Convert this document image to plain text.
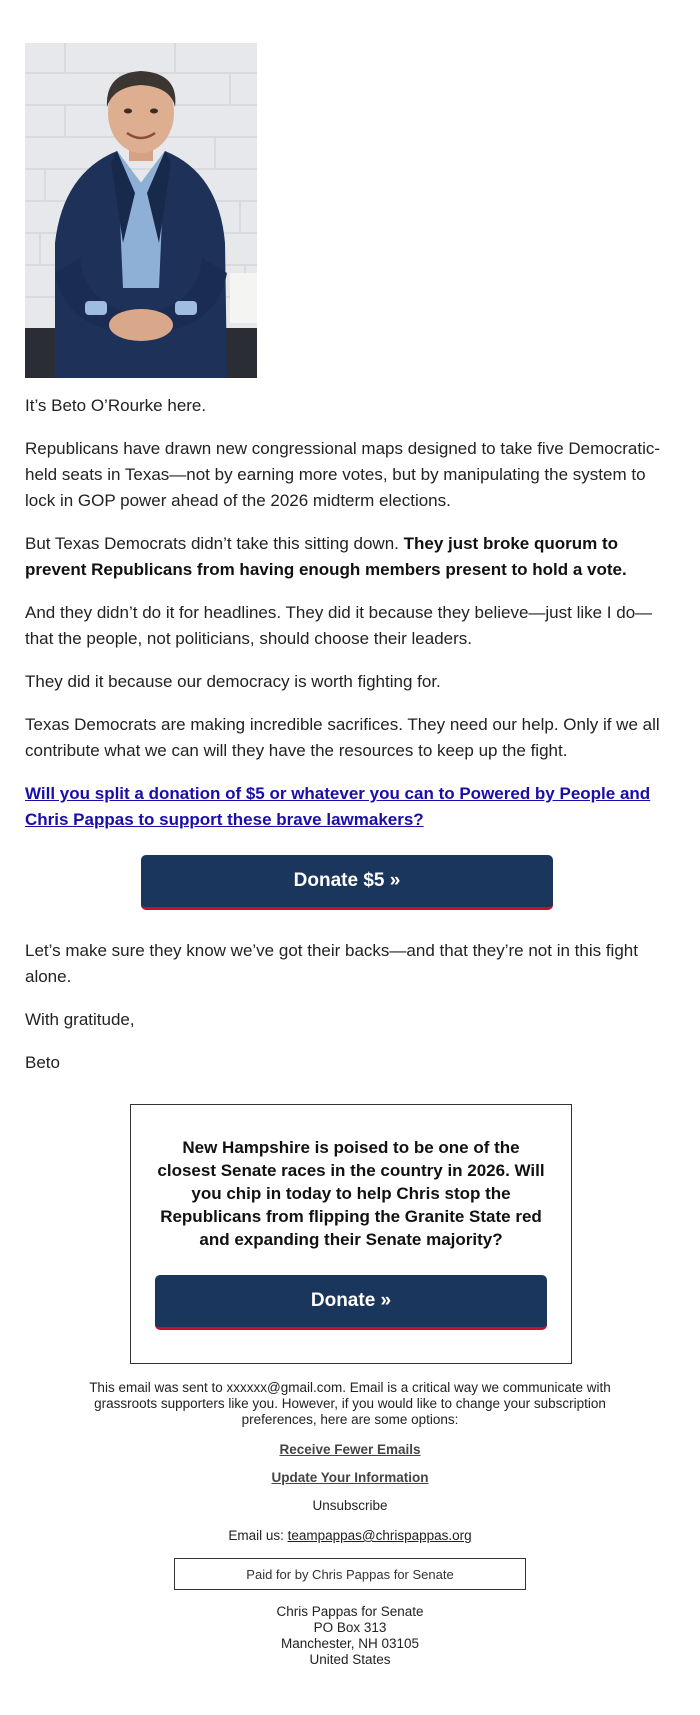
It’s Beto O’Rourke here.

Republicans have drawn new congressional maps designed to take five Democratic-held seats in Texas—not by earning more votes, but by manipulating the system to lock in GOP power ahead of the 2026 midterm elections.

But Texas Democrats didn’t take this sitting down. They just broke quorum to prevent Republicans from having enough members present to hold a vote.

And they didn’t do it for headlines. They did it because they believe—just like I do—that the people, not politicians, should choose their leaders.

They did it because our democracy is worth fighting for.

Texas Democrats are making incredible sacrifices. They need our help. Only if we all contribute what we can will they have the resources to keep up the fight.

Will you split a donation of $5 or whatever you can to Powered by People and Chris Pappas to support these brave lawmakers?

Donate $5 »

Let’s make sure they know we’ve got their backs—and that they’re not in this fight alone.

With gratitude,

Beto

New Hampshire is poised to be one of the closest Senate races in the country in 2026. Will you chip in today to help Chris stop the Republicans from flipping the Granite State red and expanding their Senate majority?

Donate »

This email was sent to xxxxxx@gmail.com. Email is a critical way we communicate with grassroots supporters like you. However, if you would like to change your subscription preferences, here are some options:

Receive Fewer Emails
Update Your Information
Unsubscribe

Email us: teampappas@chrispappas.org

Paid for by Chris Pappas for Senate
Chris Pappas for Senate
PO Box 313
Manchester, NH 03105
United States
